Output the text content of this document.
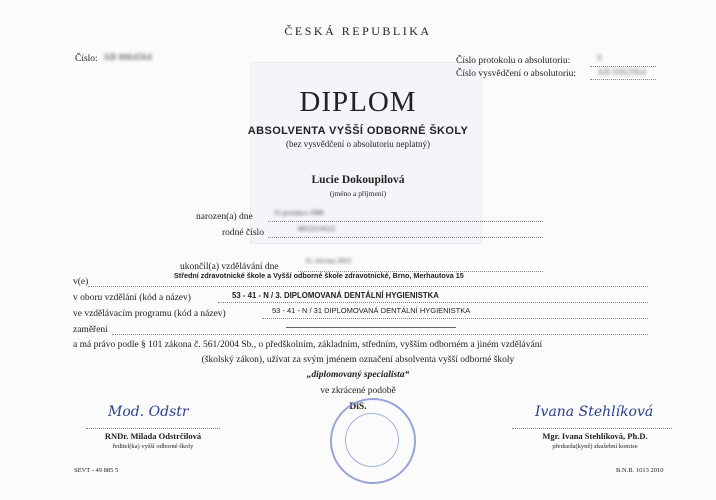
ČESKÁ REPUBLIKA
Číslo: AB 0064564	Číslo protokolu o absolutoriu:	9
Číslo vysvědčení o absolutoriu: AB 0062964
DIPLOM
ABSOLVENTA VYŠŠÍ ODBORNÉ ŠKOLY
(bez vysvědčení o absolutoriu neplatný)
Lucie Dokoupilová
(jméno a příjmení)
narozen(a) dne	21 prosince 1988
rodné číslo	885221/0122
ukončil(a) vzdělávání dne
11. června 2012
v(e)
Střední zdravotnické škole a Vyšší odborné škole zdravotnické, Brno, Merhautova 15
v oboru vzdělání (kód a název)	53 - 41 - N / 3. DIPLOMOVANÁ DENTÁLNÍ HYGIENISTKA
ve vzdělávacím programu (kód a název)	53 - 41 - N / 31 DIPLOMOVANÁ DENTÁLNÍ HYGIENISTKA
zaměření
a má právo podle § 101 zákona č. 561/2004 Sb., o předškolním, základním, středním, vyšším odborném a jiném vzdělávání
(školský zákon), užívat za svým jménem označení absolventa vyšší odborné školy
„diplomovaný specialista“
ve zkrácené podobě
DiS.
Mod. Odstr
RNDr. Milada Odstrčilová
ředitel(ka) vyšší odborné školy
Ivana Stehlíková
Mgr. Ivana Stehlíková, Ph.D.
předseda(kyně) zkušební komise
SEVT - 49 885 5	B.N.B. 1013 2010
